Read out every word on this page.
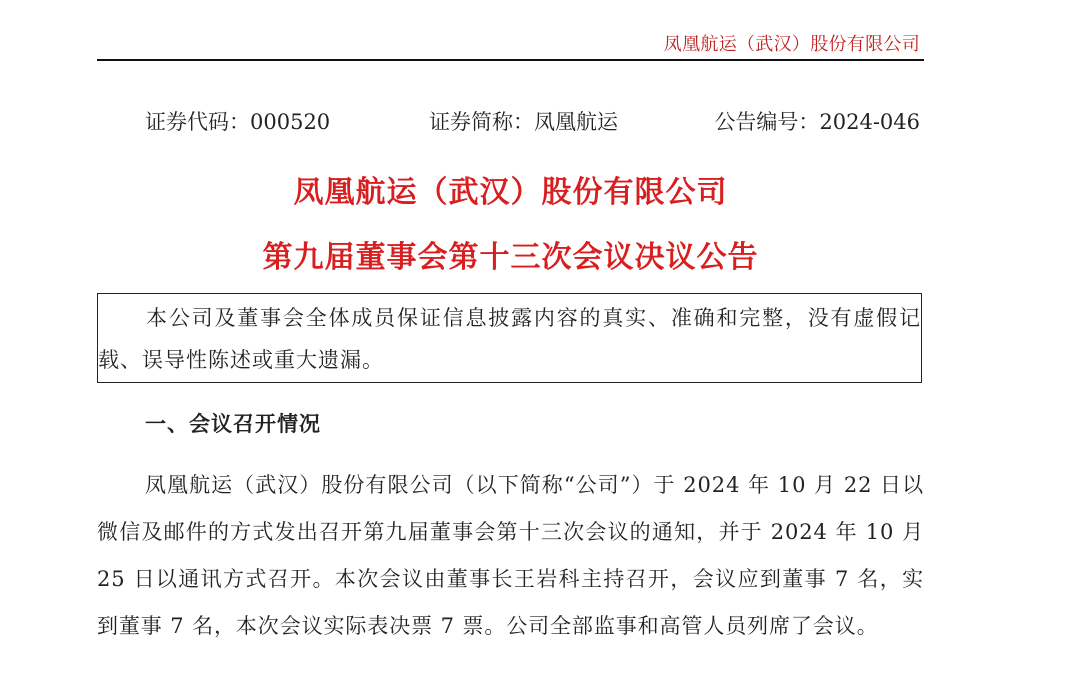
凤凰航运（武汉）股份有限公司
证券代码：000520	证券简称：凤凰航运	公告编号：2024-046
凤凰航运（武汉）股份有限公司
第九届董事会第十三次会议决议公告

本公司及董事会全体成员保证信息披露内容的真实、准确和完整，没有虚假记载、误导性陈述或重大遗漏。

一、会议召开情况

凤凰航运（武汉）股份有限公司（以下简称“公司”）于 2024 年 10 月 22 日以微信及邮件的方式发出召开第九届董事会第十三次会议的通知，并于 2024 年 10 月 25 日以通讯方式召开。本次会议由董事长王岩科主持召开，会议应到董事 7 名，实到董事 7 名，本次会议实际表决票 7 票。公司全部监事和高管人员列席了会议。
